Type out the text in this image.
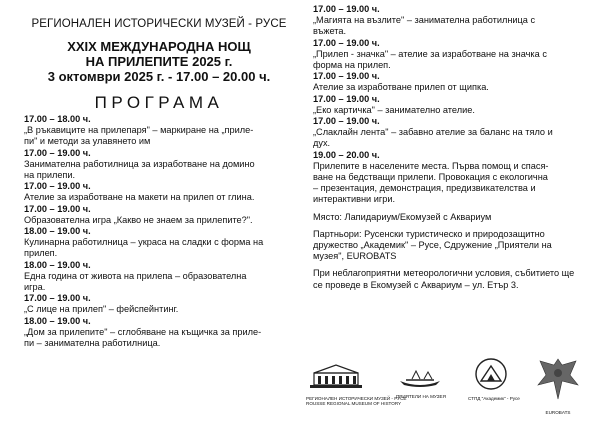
РЕГИОНАЛЕН ИСТОРИЧЕСКИ МУЗЕЙ - РУСЕ
XXIX МЕЖДУНАРОДНА НОЩ
НА ПРИЛЕПИТЕ 2025 г.
3 октомври 2025 г. - 17.00 – 20.00 ч.
ПРОГРАМА
17.00 – 18.00 ч.
„В ръкавиците на прилепаря" – маркиране на „прилe-
пи" и методи за улавянето им
17.00 – 19.00 ч.
Занимателна работилница за изработване на домино
на прилепи.
17.00 – 19.00 ч.
Ателие за изработване на макети на прилеп от глина.
17.00 – 19.00 ч.
Образователна игра „Какво не знаем за прилепите?".
18.00 – 19.00 ч.
Кулинарна работилница – украса на сладки с форма на
прилеп.
18.00 – 19.00 ч.
Една година от живота на прилепа – образователна
игра.
17.00 – 19.00 ч.
„С лице на прилеп" – фейспейнтинг.
18.00 – 19.00 ч.
„Дом за прилепите" – сглобяване на къщичка за прилe-
пи – занимателна работилница.
17.00 – 19.00 ч.
„Магията на възлите" – занимателна работилница с
въжета.
17.00 – 19.00 ч.
„Прилеп - значка" – ателие за изработване на значка с
форма на прилеп.
17.00 – 19.00 ч.
Ателие за изработване прилеп от щипка.
17.00 – 19.00 ч.
„Еко картичка" – занимателно ателие.
17.00 – 19.00 ч.
„Слаклайн лента" – забавно ателие за баланс на тяло и
дух.
19.00 – 20.00 ч.
Прилепите в населените места. Първа помощ и спася-
ване на бедстващи прилепи. Провокация с екологична
– презентация, демонстрация, предизвикателства и
интерактивни игри.
Място: Лапидариум/Екомузей с Аквариум
Партньори: Русенски туристическо и природозащитно
дружество „Академик" – Русе, Сдружение „Приятели на
музея", EUROBATS
При неблагоприятни метеорологични условия, събитието ще
се проведе в Екомузей с Аквариум – ул. Етър 3.
РЕГИОНАЛЕН ИСТОРИЧЕСКИ МУЗЕЙ - РУСЕ
ROUSSE REGIONAL MUSEUM OF HISTORY
ПРИЯТЕЛИ НА МУЗЕЯ	СТПД "Академик" - Русе
EUROBATS
